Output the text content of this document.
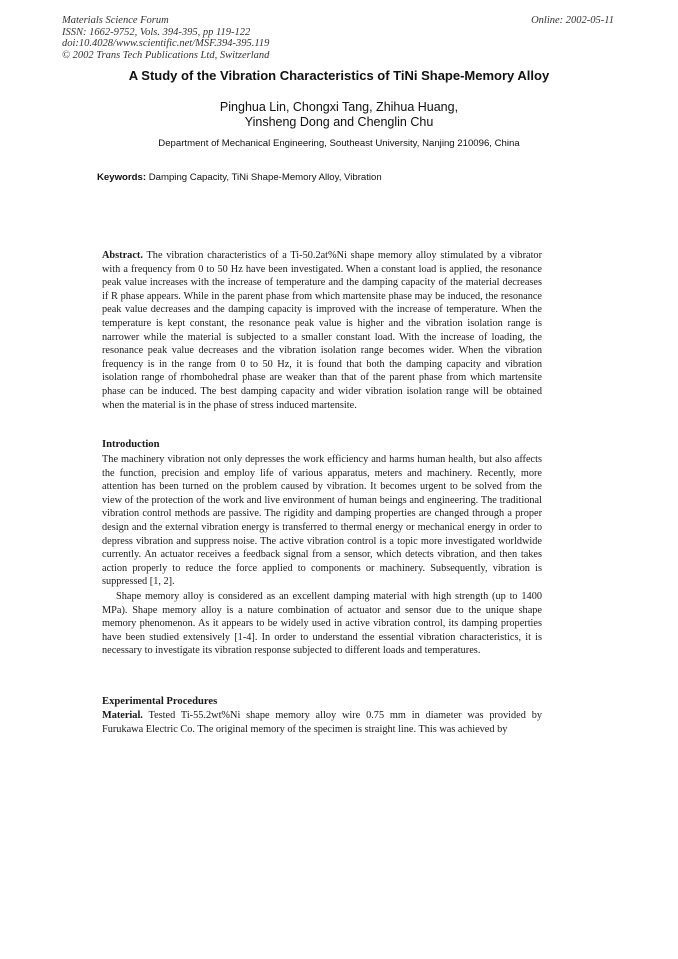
Materials Science Forum
ISSN: 1662-9752, Vols. 394-395, pp 119-122
doi:10.4028/www.scientific.net/MSF.394-395.119
© 2002 Trans Tech Publications Ltd, Switzerland
Online: 2002-05-11
A Study of the Vibration Characteristics of TiNi Shape-Memory Alloy
Pinghua Lin, Chongxi Tang, Zhihua Huang,
Yinsheng Dong and Chenglin Chu
Department of Mechanical Engineering, Southeast University, Nanjing 210096, China
Keywords: Damping Capacity, TiNi Shape-Memory Alloy, Vibration

Abstract. The vibration characteristics of a Ti-50.2at%Ni shape memory alloy stimulated by a vibrator with a frequency from 0 to 50 Hz have been investigated. When a constant load is applied, the resonance peak value increases with the increase of temperature and the damping capacity of the material decreases if R phase appears. While in the parent phase from which martensite phase may be induced, the resonance peak value decreases and the damping capacity is improved with the increase of temperature. When the temperature is kept constant, the resonance peak value is higher and the vibration isolation range is narrower while the material is subjected to a smaller constant load. With the increase of loading, the resonance peak value decreases and the vibration isolation range becomes wider. When the vibration frequency is in the range from 0 to 50 Hz, it is found that both the damping capacity and vibration isolation range of rhombohedral phase are weaker than that of the parent phase from which martensite phase can be induced. The best damping capacity and wider vibration isolation range will be obtained when the material is in the phase of stress induced martensite.

Introduction

The machinery vibration not only depresses the work efficiency and harms human health, but also affects the function, precision and employ life of various apparatus, meters and machinery. Recently, more attention has been turned on the problem caused by vibration. It becomes urgent to be solved from the view of the protection of the work and live environment of human beings and engineering. The traditional vibration control methods are passive. The rigidity and damping properties are changed through a proper design and the external vibration energy is transferred to thermal energy or mechanical energy in order to depress vibration and suppress noise. The active vibration control is a topic more investigated worldwide currently. An actuator receives a feedback signal from a sensor, which detects vibration, and then takes action properly to reduce the force applied to components or machinery. Subsequently, vibration is suppressed [1, 2].

Shape memory alloy is considered as an excellent damping material with high strength (up to 1400 MPa). Shape memory alloy is a nature combination of actuator and sensor due to the unique shape memory phenomenon. As it appears to be widely used in active vibration control, its damping properties have been studied extensively [1-4]. In order to understand the essential vibration characteristics, it is necessary to investigate its vibration response subjected to different loads and temperatures.

Experimental Procedures

Material. Tested Ti-55.2wt%Ni shape memory alloy wire 0.75 mm in diameter was provided by Furukawa Electric Co. The original memory of the specimen is straight line. This was achieved by
